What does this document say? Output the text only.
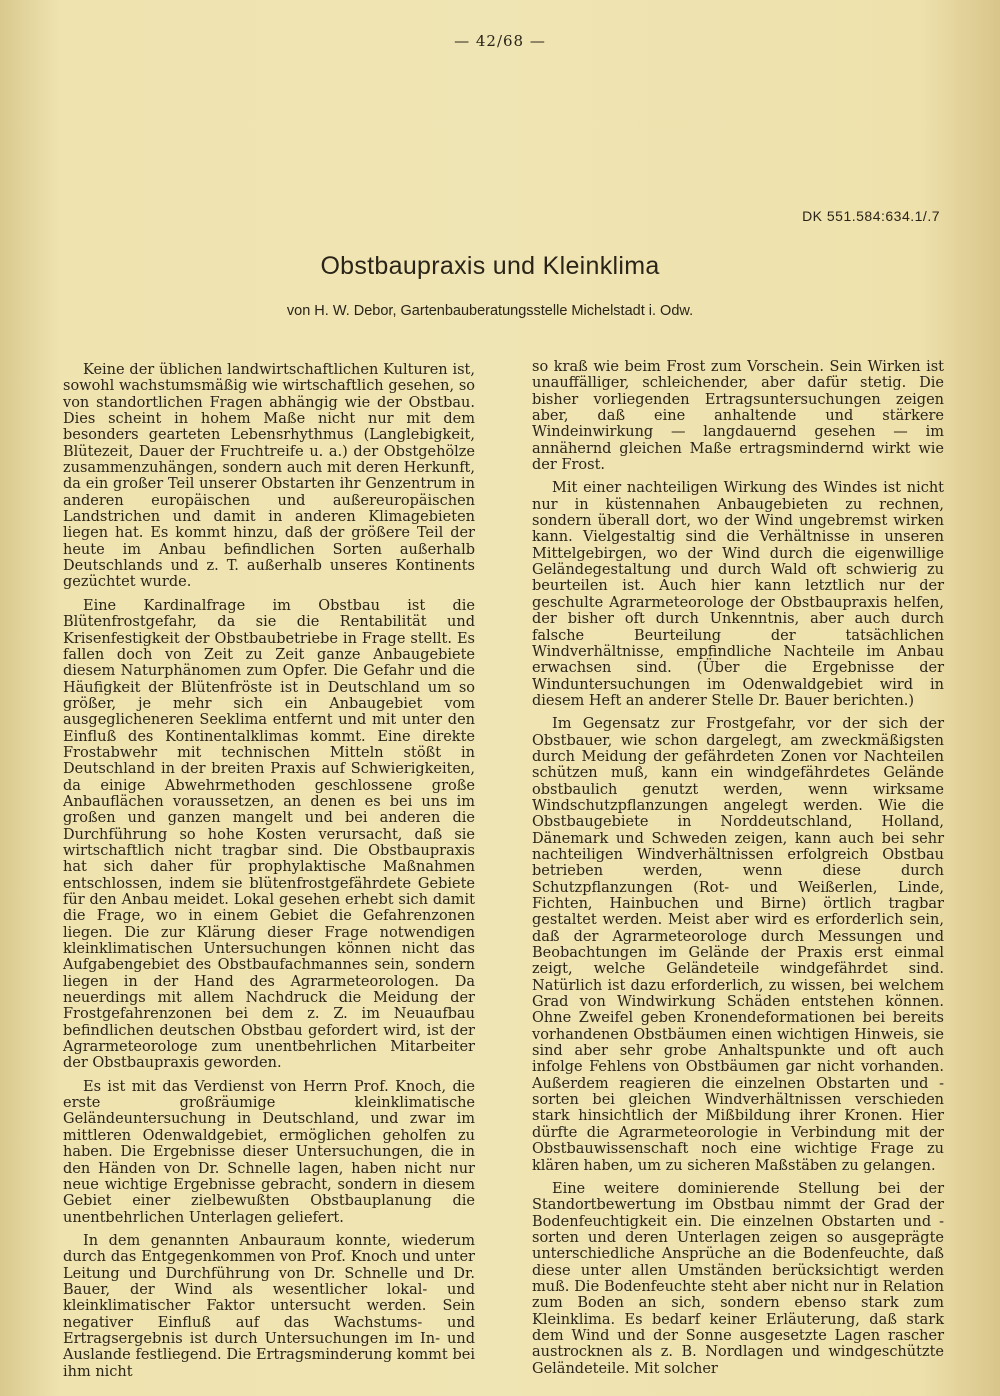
— 42/68 —
DK 551.584:634.1/.7
Obstbaupraxis und Kleinklima
von H. W. Debor, Gartenbauberatungsstelle Michelstadt i. Odw.

Keine der üblichen landwirtschaftlichen Kulturen ist, sowohl wachstumsmäßig wie wirtschaftlich gesehen, so von standortlichen Fragen abhängig wie der Obstbau. Dies scheint in hohem Maße nicht nur mit dem besonders gearteten Lebensrhythmus (Langlebigkeit, Blütezeit, Dauer der Fruchtreife u. a.) der Obstgehölze zusammenzuhängen, sondern auch mit deren Herkunft, da ein großer Teil unserer Obstarten ihr Genzentrum in anderen europäischen und außereuropäischen Landstrichen und damit in anderen Klimagebieten liegen hat. Es kommt hinzu, daß der größere Teil der heute im Anbau befindlichen Sorten außerhalb Deutschlands und z. T. außerhalb unseres Kontinents gezüchtet wurde.

Eine Kardinalfrage im Obstbau ist die Blütenfrostgefahr, da sie die Rentabilität und Krisenfestigkeit der Obstbaubetriebe in Frage stellt. Es fallen doch von Zeit zu Zeit ganze Anbaugebiete diesem Naturphänomen zum Opfer. Die Gefahr und die Häufigkeit der Blütenfröste ist in Deutschland um so größer, je mehr sich ein Anbaugebiet vom ausgeglicheneren Seeklima entfernt und mit unter den Einfluß des Kontinentalklimas kommt. Eine direkte Frostabwehr mit technischen Mitteln stößt in Deutschland in der breiten Praxis auf Schwierigkeiten, da einige Abwehrmethoden geschlossene große Anbauflächen voraussetzen, an denen es bei uns im großen und ganzen mangelt und bei anderen die Durchführung so hohe Kosten verursacht, daß sie wirtschaftlich nicht tragbar sind. Die Obstbaupraxis hat sich daher für prophylaktische Maßnahmen entschlossen, indem sie blütenfrostgefährdete Gebiete für den Anbau meidet. Lokal gesehen erhebt sich damit die Frage, wo in einem Gebiet die Gefahrenzonen liegen. Die zur Klärung dieser Frage notwendigen kleinklimatischen Untersuchungen können nicht das Aufgabengebiet des Obstbaufachmannes sein, sondern liegen in der Hand des Agrarmeteorologen. Da neuerdings mit allem Nachdruck die Meidung der Frostgefahrenzonen bei dem z. Z. im Neuaufbau befindlichen deutschen Obstbau gefordert wird, ist der Agrarmeteorologe zum unentbehrlichen Mitarbeiter der Obstbaupraxis geworden.

Es ist mit das Verdienst von Herrn Prof. Knoch, die erste großräumige kleinklimatische Geländeuntersuchung in Deutschland, und zwar im mittleren Odenwaldgebiet, ermöglichen geholfen zu haben. Die Ergebnisse dieser Untersuchungen, die in den Händen von Dr. Schnelle lagen, haben nicht nur neue wichtige Ergebnisse gebracht, sondern in diesem Gebiet einer zielbewußten Obstbauplanung die unentbehrlichen Unterlagen geliefert.

In dem genannten Anbauraum konnte, wiederum durch das Entgegenkommen von Prof. Knoch und unter Leitung und Durchführung von Dr. Schnelle und Dr. Bauer, der Wind als wesentlicher lokal- und kleinklimatischer Faktor untersucht werden. Sein negativer Einfluß auf das Wachstums- und Ertragsergebnis ist durch Untersuchungen im In- und Auslande festliegend. Die Ertragsminderung kommt bei ihm nicht

so kraß wie beim Frost zum Vorschein. Sein Wirken ist unauffälliger, schleichender, aber dafür stetig. Die bisher vorliegenden Ertragsuntersuchungen zeigen aber, daß eine anhaltende und stärkere Windeinwirkung — langdauernd gesehen — im annähernd gleichen Maße ertragsmindernd wirkt wie der Frost.

Mit einer nachteiligen Wirkung des Windes ist nicht nur in küstennahen Anbaugebieten zu rechnen, sondern überall dort, wo der Wind ungebremst wirken kann. Vielgestaltig sind die Verhältnisse in unseren Mittelgebirgen, wo der Wind durch die eigenwillige Geländegestaltung und durch Wald oft schwierig zu beurteilen ist. Auch hier kann letztlich nur der geschulte Agrarmeteorologe der Obstbaupraxis helfen, der bisher oft durch Unkenntnis, aber auch durch falsche Beurteilung der tatsächlichen Windverhältnisse, empfindliche Nachteile im Anbau erwachsen sind. (Über die Ergebnisse der Winduntersuchungen im Odenwaldgebiet wird in diesem Heft an anderer Stelle Dr. Bauer berichten.)

Im Gegensatz zur Frostgefahr, vor der sich der Obstbauer, wie schon dargelegt, am zweckmäßigsten durch Meidung der gefährdeten Zonen vor Nachteilen schützen muß, kann ein windgefährdetes Gelände obstbaulich genutzt werden, wenn wirksame Windschutzpflanzungen angelegt werden. Wie die Obstbaugebiete in Norddeutschland, Holland, Dänemark und Schweden zeigen, kann auch bei sehr nachteiligen Windverhältnissen erfolgreich Obstbau betrieben werden, wenn diese durch Schutzpflanzungen (Rot- und Weißerlen, Linde, Fichten, Hainbuchen und Birne) örtlich tragbar gestaltet werden. Meist aber wird es erforderlich sein, daß der Agrarmeteorologe durch Messungen und Beobachtungen im Gelände der Praxis erst einmal zeigt, welche Geländeteile windgefährdet sind. Natürlich ist dazu erforderlich, zu wissen, bei welchem Grad von Windwirkung Schäden entstehen können. Ohne Zweifel geben Kronendeformationen bei bereits vorhandenen Obstbäumen einen wichtigen Hinweis, sie sind aber sehr grobe Anhaltspunkte und oft auch infolge Fehlens von Obstbäumen gar nicht vorhanden. Außerdem reagieren die einzelnen Obstarten und -sorten bei gleichen Windverhältnissen verschieden stark hinsichtlich der Mißbildung ihrer Kronen. Hier dürfte die Agrarmeteorologie in Verbindung mit der Obstbauwissenschaft noch eine wichtige Frage zu klären haben, um zu sicheren Maßstäben zu gelangen.

Eine weitere dominierende Stellung bei der Standortbewertung im Obstbau nimmt der Grad der Bodenfeuchtigkeit ein. Die einzelnen Obstarten und -sorten und deren Unterlagen zeigen so ausgeprägte unterschiedliche Ansprüche an die Bodenfeuchte, daß diese unter allen Umständen berücksichtigt werden muß. Die Bodenfeuchte steht aber nicht nur in Relation zum Boden an sich, sondern ebenso stark zum Kleinklima. Es bedarf keiner Erläuterung, daß stark dem Wind und der Sonne ausgesetzte Lagen rascher austrocknen als z. B. Nordlagen und windgeschützte Geländeteile. Mit solcher
